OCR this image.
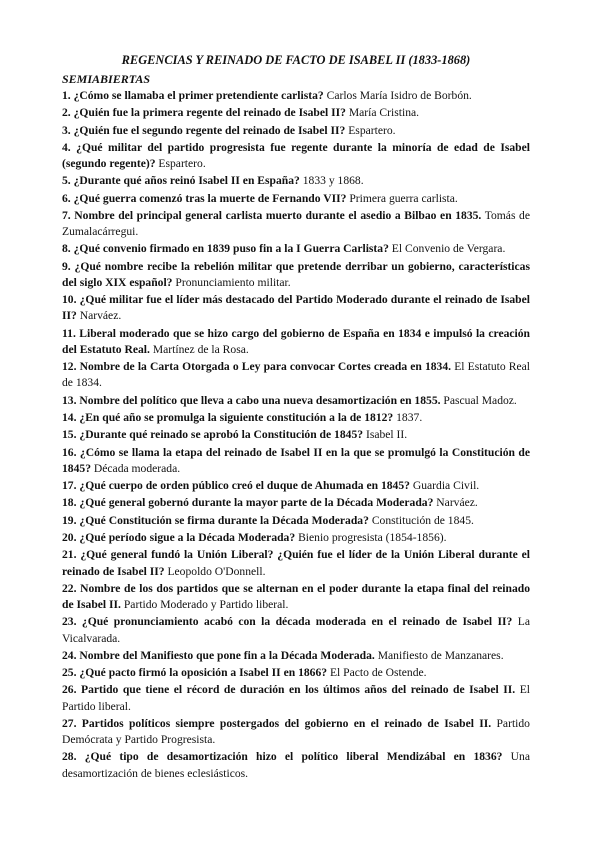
REGENCIAS Y REINADO DE FACTO DE ISABEL II (1833-1868)
SEMIABIERTAS
1. ¿Cómo se llamaba el primer pretendiente carlista? Carlos María Isidro de Borbón.
2. ¿Quién fue la primera regente del reinado de Isabel II? María Cristina.
3. ¿Quién fue el segundo regente del reinado de Isabel II? Espartero.
4. ¿Qué militar del partido progresista fue regente durante la minoría de edad de Isabel (segundo regente)? Espartero.
5. ¿Durante qué años reinó Isabel II en España? 1833 y 1868.
6. ¿Qué guerra comenzó tras la muerte de Fernando VII? Primera guerra carlista.
7. Nombre del principal general carlista muerto durante el asedio a Bilbao en 1835. Tomás de Zumalacárregui.
8. ¿Qué convenio firmado en 1839 puso fin a la I Guerra Carlista? El Convenio de Vergara.
9. ¿Qué nombre recibe la rebelión militar que pretende derribar un gobierno, características del siglo XIX español? Pronunciamiento militar.
10. ¿Qué militar fue el líder más destacado del Partido Moderado durante el reinado de Isabel II? Narváez.
11. Liberal moderado que se hizo cargo del gobierno de España en 1834 e impulsó la creación del Estatuto Real. Martínez de la Rosa.
12. Nombre de la Carta Otorgada o Ley para convocar Cortes creada en 1834. El Estatuto Real de 1834.
13. Nombre del político que lleva a cabo una nueva desamortización en 1855. Pascual Madoz.
14. ¿En qué año se promulga la siguiente constitución a la de 1812? 1837.
15. ¿Durante qué reinado se aprobó la Constitución de 1845? Isabel II.
16. ¿Cómo se llama la etapa del reinado de Isabel II en la que se promulgó la Constitución de 1845? Década moderada.
17. ¿Qué cuerpo de orden público creó el duque de Ahumada en 1845? Guardia Civil.
18. ¿Qué general gobernó durante la mayor parte de la Década Moderada? Narváez.
19. ¿Qué Constitución se firma durante la Década Moderada? Constitución de 1845.
20. ¿Qué período sigue a la Década Moderada? Bienio progresista (1854-1856).
21. ¿Qué general fundó la Unión Liberal? ¿Quién fue el líder de la Unión Liberal durante el reinado de Isabel II? Leopoldo O'Donnell.
22. Nombre de los dos partidos que se alternan en el poder durante la etapa final del reinado de Isabel II. Partido Moderado y Partido liberal.
23. ¿Qué pronunciamiento acabó con la década moderada en el reinado de Isabel II? La Vicalvarada.
24. Nombre del Manifiesto que pone fin a la Década Moderada. Manifiesto de Manzanares.
25. ¿Qué pacto firmó la oposición a Isabel II en 1866? El Pacto de Ostende.
26. Partido que tiene el récord de duración en los últimos años del reinado de Isabel II. El Partido liberal.
27. Partidos políticos siempre postergados del gobierno en el reinado de Isabel II. Partido Demócrata y Partido Progresista.
28. ¿Qué tipo de desamortización hizo el político liberal Mendizábal en 1836? Una desamortización de bienes eclesiásticos.
